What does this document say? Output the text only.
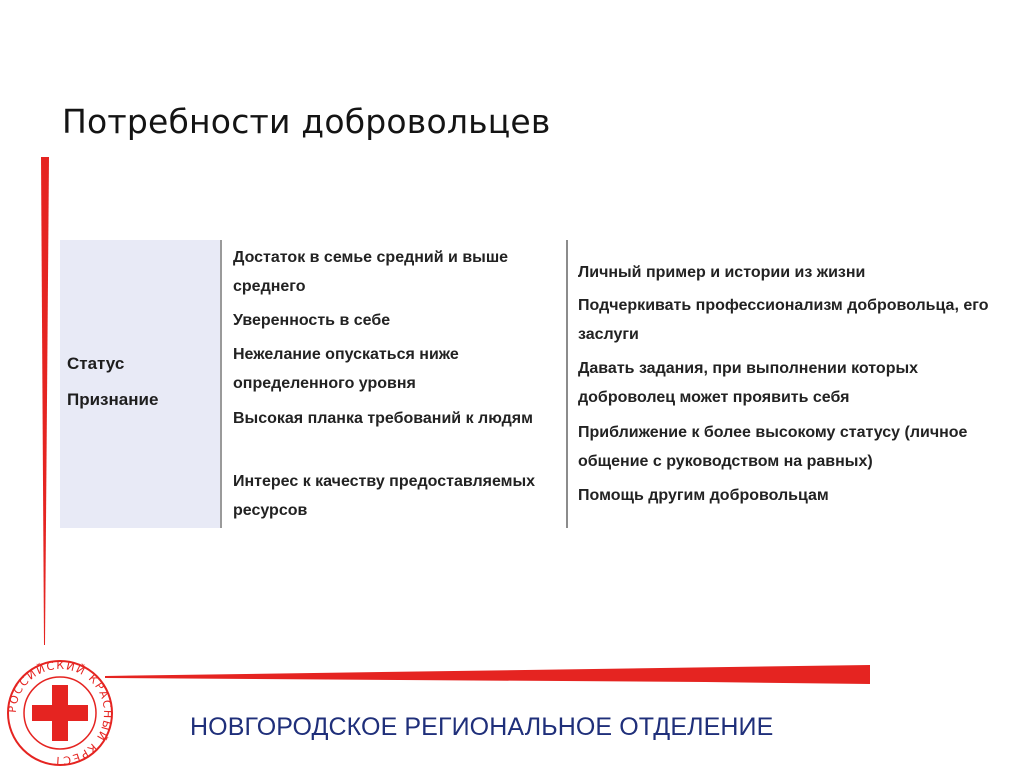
Потребности добровольцев
Статус
Признание
Достаток в семье средний и выше среднего
Уверенность в себе
Нежелание опускаться ниже определенного уровня
Высокая планка требований к людям
Интерес к качеству предоставляемых ресурсов
Личный пример и истории из жизни
Подчеркивать профессионализм добровольца, его заслуги
Давать задания, при выполнении которых доброволец может проявить себя
Приближение к более высокому статусу (личное общение с руководством на равных)
Помощь другим добровольцам
НОВГОРОДСКОЕ РЕГИОНАЛЬНОЕ ОТДЕЛЕНИЕ
РОССИЙСКИЙ КРАСНЫЙ КРЕСТ
